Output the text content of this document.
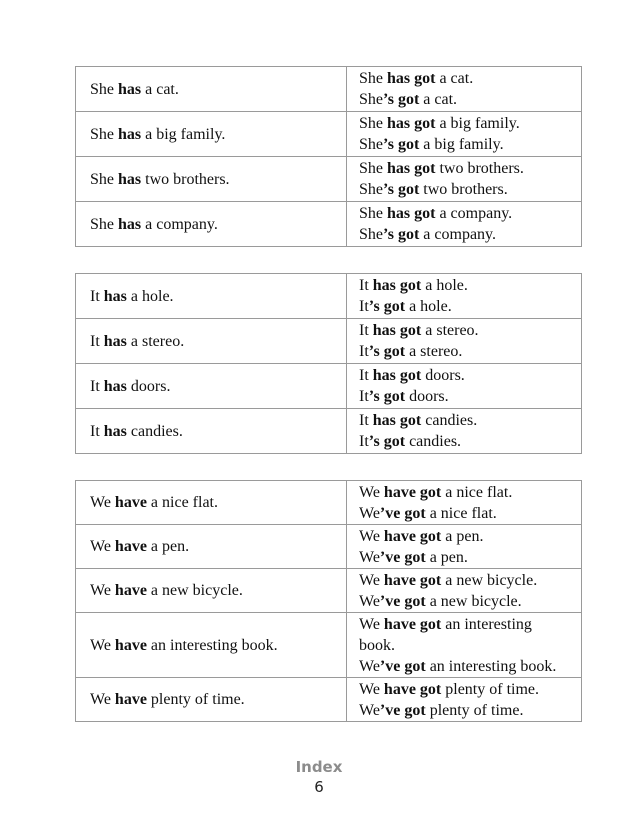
She has a cat.	She has got a cat.
She’s got a cat.

She has a big family.	She has got a big family.
She’s got a big family.

She has two brothers.	She has got two brothers.
She’s got two brothers.

She has a company.	She has got a company.
She’s got a company.
It has a hole.	It has got a hole.
It’s got a hole.

It has a stereo.	It has got a stereo.
It’s got a stereo.

It has doors.	It has got doors.
It’s got doors.

It has candies.	It has got candies.
It’s got candies.
We have a nice flat.	We have got a nice flat.
We’ve got a nice flat.

We have a pen.	We have got a pen.
We’ve got a pen.

We have a new bicycle.	We have got a new bicycle.
We’ve got a new bicycle.

We have an interesting book.	We have got an interesting
book.
We’ve got an interesting book.

We have plenty of time.	We have got plenty of time.
We’ve got plenty of time.
Index
6
